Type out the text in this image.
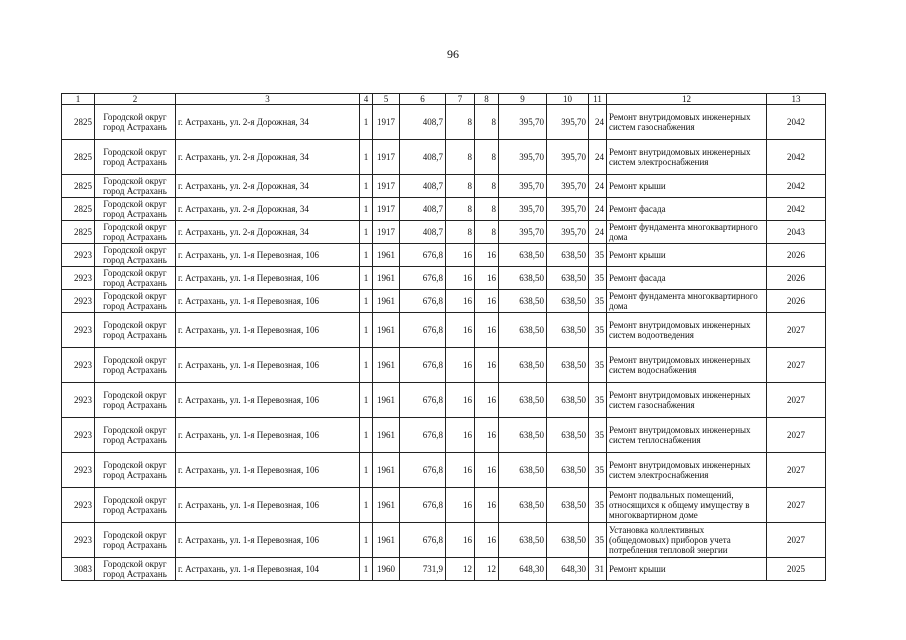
96
1	2	3	4	5	6	7	8	9	10	11	12	13
2825	Городской округ город Астрахань	г. Астрахань, ул. 2-я Дорожная, 34	1	1917	408,7	8	8	395,70	395,70	24	Ремонт внутридомовых инженерных систем газоснабжения	2042
2825	Городской округ город Астрахань	г. Астрахань, ул. 2-я Дорожная, 34	1	1917	408,7	8	8	395,70	395,70	24	Ремонт внутридомовых инженерных систем электроснабжения	2042
2825	Городской округ город Астрахань	г. Астрахань, ул. 2-я Дорожная, 34	1	1917	408,7	8	8	395,70	395,70	24	Ремонт крыши	2042
2825	Городской округ город Астрахань	г. Астрахань, ул. 2-я Дорожная, 34	1	1917	408,7	8	8	395,70	395,70	24	Ремонт фасада	2042
2825	Городской округ город Астрахань	г. Астрахань, ул. 2-я Дорожная, 34	1	1917	408,7	8	8	395,70	395,70	24	Ремонт фундамента многоквартирного дома	2043
2923	Городской округ город Астрахань	г. Астрахань, ул. 1-я Перевозная, 106	1	1961	676,8	16	16	638,50	638,50	35	Ремонт крыши	2026
2923	Городской округ город Астрахань	г. Астрахань, ул. 1-я Перевозная, 106	1	1961	676,8	16	16	638,50	638,50	35	Ремонт фасада	2026
2923	Городской округ город Астрахань	г. Астрахань, ул. 1-я Перевозная, 106	1	1961	676,8	16	16	638,50	638,50	35	Ремонт фундамента многоквартирного дома	2026
2923	Городской округ город Астрахань	г. Астрахань, ул. 1-я Перевозная, 106	1	1961	676,8	16	16	638,50	638,50	35	Ремонт внутридомовых инженерных систем водоотведения	2027
2923	Городской округ город Астрахань	г. Астрахань, ул. 1-я Перевозная, 106	1	1961	676,8	16	16	638,50	638,50	35	Ремонт внутридомовых инженерных систем водоснабжения	2027
2923	Городской округ город Астрахань	г. Астрахань, ул. 1-я Перевозная, 106	1	1961	676,8	16	16	638,50	638,50	35	Ремонт внутридомовых инженерных систем газоснабжения	2027
2923	Городской округ город Астрахань	г. Астрахань, ул. 1-я Перевозная, 106	1	1961	676,8	16	16	638,50	638,50	35	Ремонт внутридомовых инженерных систем теплоснабжения	2027
2923	Городской округ город Астрахань	г. Астрахань, ул. 1-я Перевозная, 106	1	1961	676,8	16	16	638,50	638,50	35	Ремонт внутридомовых инженерных систем электроснабжения	2027
2923	Городской округ город Астрахань	г. Астрахань, ул. 1-я Перевозная, 106	1	1961	676,8	16	16	638,50	638,50	35	Ремонт подвальных помещений, относящихся к общему имуществу в многоквартирном доме	2027
2923	Городской округ город Астрахань	г. Астрахань, ул. 1-я Перевозная, 106	1	1961	676,8	16	16	638,50	638,50	35	Установка коллективных (общедомовых) приборов учета потребления тепловой энергии	2027
3083	Городской округ город Астрахань	г. Астрахань, ул. 1-я Перевозная, 104	1	1960	731,9	12	12	648,30	648,30	31	Ремонт крыши	2025
